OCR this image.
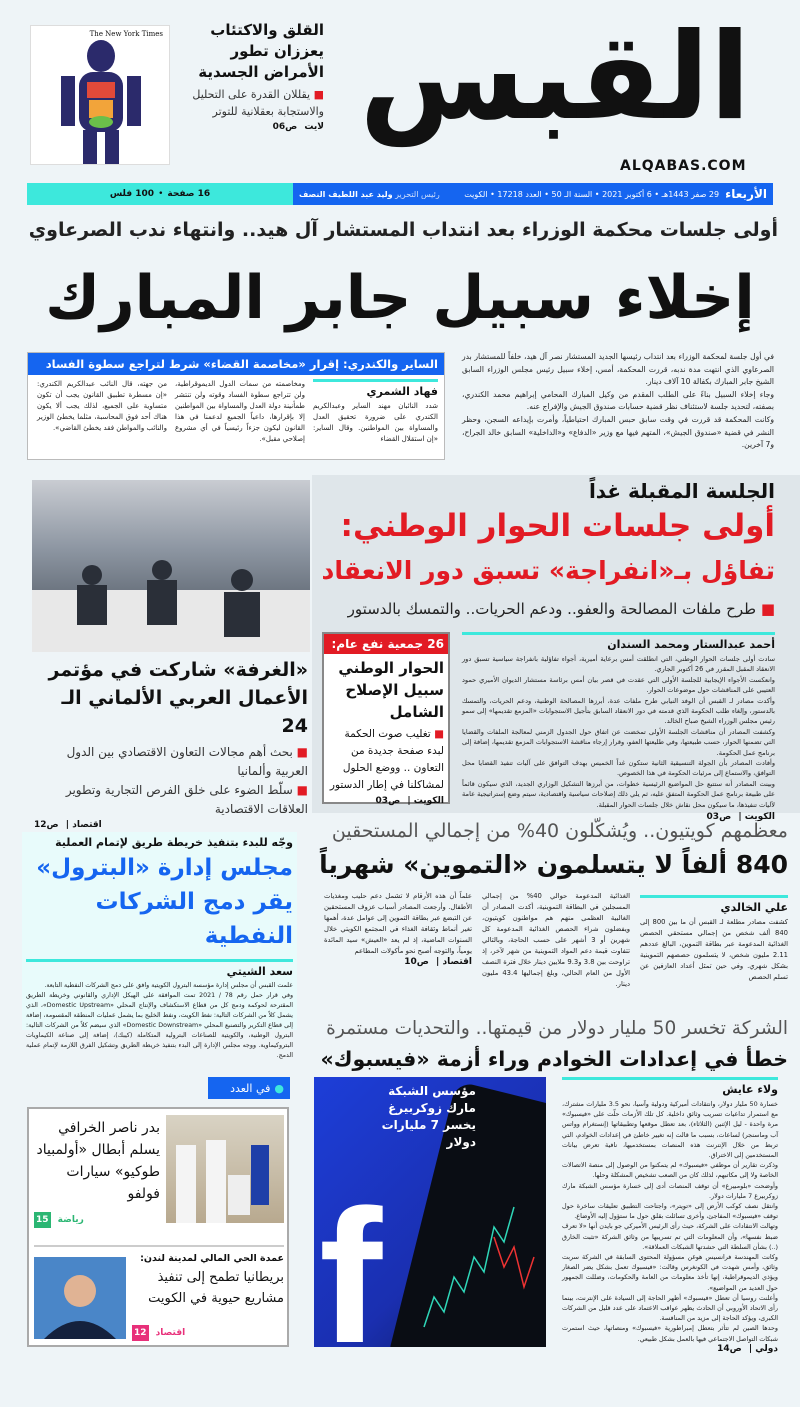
القبس
ALQABAS.COM
The New York Times	القلق والاكتئاب يعززان تطور الأمراض الجسدية
■ يقللان القدرة على التحليل والاستجابة بعقلانية للتوتر
لايت ص06
16 صفحة
•
100 فلس	الأربعاء
29 صفر 1443هـ • 6 أكتوبر 2021 • السنة الـ 50 • العدد 17218 • الكويت
رئيس التحرير وليد عبد اللطيف النصف
أولى جلسات محكمة الوزراء بعد انتداب المستشار آل هيد.. وانتهاء ندب الصرعاوي
إخلاء سبيل جابر المبارك

في أول جلسة لمحكمة الوزراء بعد انتداب رئيسها الجديد المستشار نصر آل هيد، خلفاً للمستشار بدر الصرعاوي الذي انتهت مدة ندبه، قررت المحكمة، أمس، إخلاء سبيل رئيس مجلس الوزراء السابق الشيخ جابر المبارك بكفالة 10 آلاف دينار.

وجاء إخلاء السبيل بناءً على الطلب المقدم من وكيل المبارك المحامي إبراهيم محمد الكندري، بصفته، لتحديد جلسة لاستئناف نظر قضية حسابات صندوق الجيش والإفراج عنه.

وكانت المحكمة قد قررت في وقت سابق حبس المبارك احتياطياً، وأمرت بإيداعه السجن، وحظر النشر في قضية «صندوق الجيش»، المتهم فيها مع وزير «الدفاع» و«الداخلية» السابق خالد الجراح، و7 آخرين.

الساير والكندري: إقرار «مخاصمة القضاء» شرط لتراجع سطوة الفساد
فهاد الشمري
شدد النائبان مهند الساير وعبدالكريم الكندري على ضرورة تحقيق العدل والمساواة بين المواطنين. وقال الساير: «إن استقلال القضاء
ومخاصمته من سمات الدول الديموقراطية، ولن تتراجع سطوة الفساد وقوته ولن تنتشر طمأنينة دولة العدل والمساواة بين المواطنين إلا بإقرارها، داعياً الجميع لدعمنا في هذا القانون ليكون جزءاً رئيسياً في أي مشروع إصلاحي مقبل».
من جهته، قال النائب عبدالكريم الكندري: «إن مسطرة تطبيق القانون يجب أن تكون متساوية على الجميع، لذلك يجب ألا يكون هناك أحد فوق المحاسبة، مثلما يخطئ الوزير والنائب والمواطن فقد يخطئ القاضي».
الجلسة المقبلة غداً
أولى جلسات الحوار الوطني:
تفاؤل بـ«انفراجة» تسبق دور الانعقاد
■ طرح ملفات المصالحة والعفو.. ودعم الحريات.. والتمسك بالدستور
أحمد عبدالستار ومحمد السندان

سادت أولى جلسات الحوار الوطني، التي انطلقت أمس برعاية أميرية، أجواء تفاؤلية بانفراجة سياسية تسبق دور الانعقاد المقبل المقرر في 26 أكتوبر الجاري.

وانعكست الأجواء الإيجابية للجلسة الأولى التي عقدت في قصر بيان أمس برئاسة مستشار الديوان الأميري حمود العتيبي على المناقشات حول موضوعات الحوار.

وأكدت مصادر لـ القبس أن الوفد النيابي طرح ملفات عدة، أبرزها المصالحة الوطنية، ودعم الحريات، والتمسك بالدستور، وإلغاء طلب الحكومة الذي قدمته في دور الانعقاد السابق بتأجيل الاستجوابات «المزمع تقديمها» إلى سمو رئيس مجلس الوزراء الشيخ صباح الخالد.

وكشفت المصادر أن مناقشات الجلسة الأولى تمخضت عن اتفاق حول الجدول الزمني لمعالجة الملفات والقضايا التي تضمنها الحوار، حسب طبيعتها، وفي طليعتها العفو، وقرار إرجاء مناقشة الاستجوابات المزمع تقديمها، إضافة إلى برنامج عمل الحكومة.

وأفادت المصادر بأن الجولة التنسيقية الثانية ستكون غداً الخميس بهدف التوافق على آليات تنفيذ القضايا محل التوافق، والاستماع إلى مرئيات الحكومة في هذا الخصوص.

وبينت المصادر أنه ستتبع حل المواضيع الرئيسية خطوات، من أبرزها التشكيل الوزاري الجديد، الذي سيكون قائماً على طبيعة برنامج عمل الحكومة المتفق عليه، ثم يلي ذلك إصلاحات سياسية واقتصادية، سيتم وضع إستراتيجية عامة لآليات تنفيذها، ما سيكون محل نقاش خلال جلسات الحوار المقبلة.

الكويت | ص03
26 جمعية نفع عام:
الحوار الوطني سبيل الإصلاح الشامل
■ تغليب صوت الحكمة لبدء صفحة جديدة من التعاون .. ووضع الحلول لمشاكلنا في إطار الدستور
الكويت | ص03
«الغرفة» شاركت في مؤتمر الأعمال العربي الألماني الـ 24
■ بحث أهم مجالات التعاون الاقتصادي بين الدول العربية وألمانيا
■ سلّط الضوء على خلق الفرص التجارية وتطوير العلاقات الاقتصادية
اقتصاد | ص12	معظمهم كويتيون.. ويُشكّلون 40% من إجمالي المستحقين
840 ألفاً لا يتسلمون «التموين» شهرياً
علي الخالدي
كشفت مصادر مطلعة لـ القبس أن ما بين 800 إلى 840 ألف شخص من إجمالي مستحقي الحصص الغذائية المدعومة عبر بطاقة التموين، البالغ عددهم 2.11 مليون شخص، لا يتسلمون حصصهم التموينية بشكل شهري. وفي حين تمثل أعداد العازفين عن تسلم الحصص
الغذائية المدعومة حوالي 40% من إجمالي المسجلين في البطاقة التموينية، أكدت المصادر أن الغالبية العظمى منهم هم مواطنون كويتيون، ويفضلون شراء الحصص الغذائية المدعومة كل شهرين أو 3 أشهر على حسب الحاجة، وبالتالي تتفاوت قيمة دعم المواد التموينية من شهر لآخر، إذ تراوحت بين 3.8 و9.3 ملايين دينار خلال فترة النصف الأول من العام الحالي، وبلغ إجماليها 43.4 مليون دينار.
علماً أن هذه الأرقام لا تشمل دعم حليب ومغذيات الأطفال. وأرجعت المصادر أسباب عزوف المستحقين عن التبضع عبر بطاقة التموين إلى عوامل عدة، أهمها تغير أنماط وثقافة الغذاء في المجتمع الكويتي خلال السنوات الماضية، إذ لم يعد «العيش» سيد المائدة يومياً، والتوجه أصبح نحو مأكولات المطاعم
اقتصاد | ص10
وجّه للبدء بتنفيذ خريطة طريق لإتمام العملية
مجلس إدارة «البترول» يقر دمج الشركات النفطية
سعد الشيتي

علمت القبس أن مجلس إدارة مؤسسة البترول الكويتية وافق على دمج الشركات النفطية التابعة.

وفي قرار حمل رقم 78 / 2021 تمت الموافقة على الهيكل الإداري والقانوني وخريطة الطريق المقترحة لحوكمة ودمج كل من قطاع الاستكشاف والإنتاج المحلي «Domestic Upstream»، الذي يشمل كلاً من الشركات التالية: نفط الكويت، ونفط الخليج بما يشمل عمليات المنطقة المقسومة، إضافة إلى قطاع التكرير والتصنيع المحلي «Domestic Downstream» الذي سيضم كلاً من الشركات التالية: البترول الوطنية، والكويتية للصناعات البترولية المتكاملة (كيبك)، إضافة إلى صناعة الكيماويات البتروكيماوية. ووجه مجلس الإدارة إلى البدء بتنفيذ خريطة الطريق وتشكيل الفرق اللازمة لإتمام عملية الدمج.

الشركة تخسر 50 مليار دولار من قيمتها.. والتحديات مستمرة
خطأ في إعدادات الخوادم وراء أزمة «فيسبوك»
ولاء عايش

خسارة 50 مليار دولار، وانتقادات أميركية ودولية وآسيا، نحو 3.5 مليارات مشترك، مع استمرار تداعيات تسريب وثائق داخلية. كل تلك الأزمات حلّت على «فيسبوك» مرة واحدة - ليل الإثنين (الثلاثاء)، بعد تعطل موقعها وتطبيقاتها (إنستغرام وواتس آب وماسنجر) لساعات، بسبب ما قالت إنه تغيير خاطئ في إعدادات الخوادم، التي تربط من خلال الإنترنت هذه المنصات بمستخدميها، نافية تعرض بيانات المستخدمين إلى الاختراق.

وذكرت تقارير أن موظفي «فيسبوك» لم يتمكنوا من الوصول إلى منصة الاتصالات الخاصة ولا إلى مكاتبهم، لذلك كان من الصعب تشخيص المشكلة وحلها.

وأوضحت «بلومبيرغ» أن توقف المنصات أدى إلى خسارة مؤسس الشبكة مارك زوكربيرغ 7 مليارات دولار.

وانتقل نصف كوكب الأرض إلى «تويتر»، واجتاحت التطبيق تعليقات ساخرة حول توقف «فيسبوك» المفاجئ، وأخرى تسائلت بقلق حول ما ستؤول إليه الأوضاع.

وتهالت الانتقادات على الشركة، حيث رأى الرئيس الأميركي جو بايدن أنها «لا تعرف ضبط نفسها»، وأن المعلومات التي تم تسريبها من وثائق الشركة «تثبت الخارق (..) بشأن السلطة التي حشدتها الشبكات العملاقة».

وكانت المهندسة فرانسيس هوغن مسؤولة المحتوى السابقة في الشركة سربت وثائق، وأمس شهدت في الكونغرس وقالت: «فيسبوك تعمل بشكل يضر الصغار ويؤذي الديموقراطية، إنها تأخذ معلومات من العامة والحكومات، وضللت الجمهور حول العديد من المواضيع».

وأعلنت روسيا أن تعطل «فيسبوك» أظهر الحاجة إلى السيادة على الإنترنت، بينما رأى الاتحاد الأوروبي أن الحادث يظهر عواقب الاعتماد على عدد قليل من الشركات الكبرى، ويؤكد الحاجة إلى مزيد من المنافسة.

وحدها الصين لم تتأثر بتعطل إمبراطورية «فيسبوك» ومنصاتها، حيث استمرت شبكات التواصل الاجتماعي فيها بالعمل بشكل طبيعي.

دولي | ص14
f
مؤسس الشبكة مارك زوكربيرغ يخسر 7 مليارات دولار
●
في العدد
بدر ناصر الخرافي يسلم أبطال «أولمبياد طوكيو» سيارات فولفو
15 رياضة
عمدة الحي المالي لمدينة لندن:
بريطانيا تطمح إلى تنفيذ مشاريع حيوية في الكويت
12 اقتصاد
